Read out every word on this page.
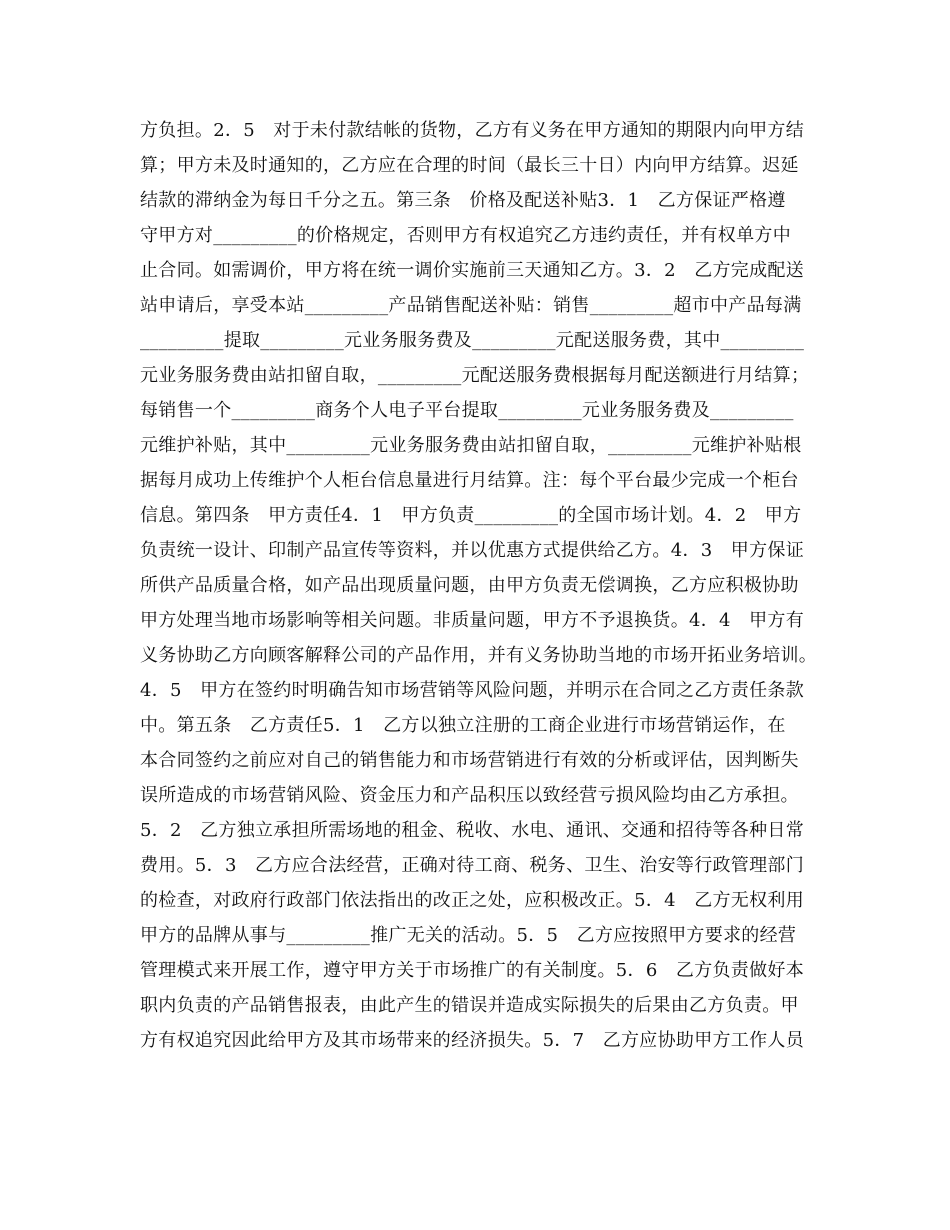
方负担。2．5　对于未付款结帐的货物，乙方有义务在甲方通知的期限内向甲方结
算；甲方未及时通知的，乙方应在合理的时间（最长三十日）内向甲方结算。迟延
结款的滞纳金为每日千分之五。第三条　价格及配送补贴3．1　乙方保证严格遵
守甲方对_________的价格规定，否则甲方有权追究乙方违约责任，并有权单方中
止合同。如需调价，甲方将在统一调价实施前三天通知乙方。3．2　乙方完成配送
站申请后，享受本站_________产品销售配送补贴：销售_________超市中产品每满
_________提取_________元业务服务费及_________元配送服务费，其中_________
元业务服务费由站扣留自取，_________元配送服务费根据每月配送额进行月结算；
每销售一个_________商务个人电子平台提取_________元业务服务费及_________
元维护补贴，其中_________元业务服务费由站扣留自取，_________元维护补贴根
据每月成功上传维护个人柜台信息量进行月结算。注：每个平台最少完成一个柜台
信息。第四条　甲方责任4．1　甲方负责_________的全国市场计划。4．2　甲方
负责统一设计、印制产品宣传等资料，并以优惠方式提供给乙方。4．3　甲方保证
所供产品质量合格，如产品出现质量问题，由甲方负责无偿调换，乙方应积极协助
甲方处理当地市场影响等相关问题。非质量问题，甲方不予退换货。4．4　甲方有
义务协助乙方向顾客解释公司的产品作用，并有义务协助当地的市场开拓业务培训。
4．5　甲方在签约时明确告知市场营销等风险问题，并明示在合同之乙方责任条款
中。第五条　乙方责任5．1　乙方以独立注册的工商企业进行市场营销运作，在
本合同签约之前应对自己的销售能力和市场营销进行有效的分析或评估，因判断失
误所造成的市场营销风险、资金压力和产品积压以致经营亏损风险均由乙方承担。
5．2　乙方独立承担所需场地的租金、税收、水电、通讯、交通和招待等各种日常
费用。5．3　乙方应合法经营，正确对待工商、税务、卫生、治安等行政管理部门
的检查，对政府行政部门依法指出的改正之处，应积极改正。5．4　乙方无权利用
甲方的品牌从事与_________推广无关的活动。5．5　乙方应按照甲方要求的经营
管理模式来开展工作，遵守甲方关于市场推广的有关制度。5．6　乙方负责做好本
职内负责的产品销售报表，由此产生的错误并造成实际损失的后果由乙方负责。甲
方有权追究因此给甲方及其市场带来的经济损失。5．7　乙方应协助甲方工作人员
